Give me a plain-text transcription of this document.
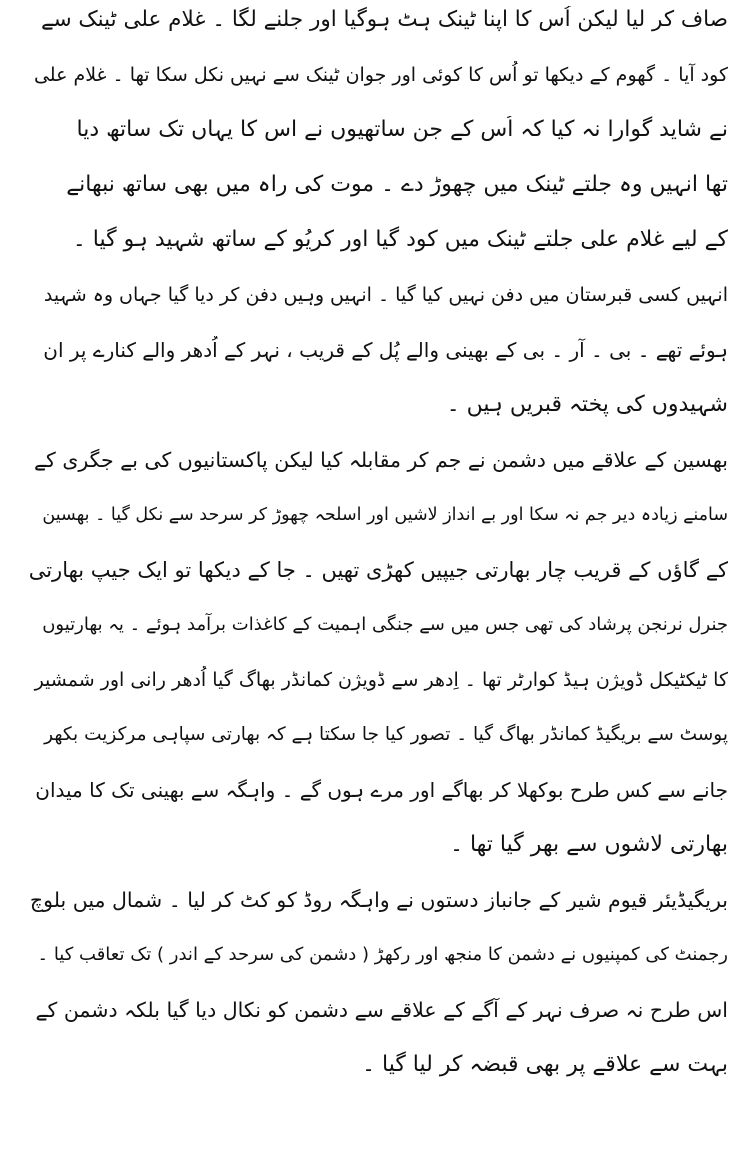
صاف کر لیا لیکن اُس کا اپنا ٹینک ہٹ ہوگیا اور جلنے لگا ۔ غلام علی ٹینک سے
کود آیا ۔ گھوم کے دیکھا تو اُس کا کوئی اور جوان ٹینک سے نہیں نکل سکا تھا ۔ غلام علی
نے شاید گوارا نہ کیا کہ اُس کے جن ساتھیوں نے اس کا یہاں تک ساتھ دیا
تھا انہیں وہ جلتے ٹینک میں چھوڑ دے ۔ موت کی راہ میں بھی ساتھ نبھانے
کے لیے غلام علی جلتے ٹینک میں کود گیا اور کریُو کے ساتھ شہید ہو گیا ۔
انہیں کسی قبرستان میں دفن نہیں کیا گیا ۔ انہیں وہیں دفن کر دیا گیا جہاں وہ شہید
ہوئے تھے ۔ بی ۔ آر ۔ بی کے بھینی والے پُل کے قریب ، نہر کے اُدھر والے کنارے پر ان
شہیدوں کی پختہ قبریں ہیں ۔
بھسین کے علاقے میں دشمن نے جم کر مقابلہ کیا لیکن پاکستانیوں کی بے جگری کے
سامنے زیادہ دیر جم نہ سکا اور بے انداز لاشیں اور اسلحہ چھوڑ کر سرحد سے نکل گیا ۔ بھسین
کے گاؤں کے قریب چار بھارتی جیپیں کھڑی تھیں ۔ جا کے دیکھا تو ایک جیپ بھارتی
جنرل نرنجن پرشاد کی تھی جس میں سے جنگی اہمیت کے کاغذات برآمد ہوئے ۔ یہ بھارتیوں
کا ٹیکٹیکل ڈویژن ہیڈ کوارٹر تھا ۔ اِدھر سے ڈویژن کمانڈر بھاگ گیا اُدھر رانی اور شمشیر
پوسٹ سے بریگیڈ کمانڈر بھاگ گیا ۔ تصور کیا جا سکتا ہے کہ بھارتی سپاہی مرکزیت بکھر
جانے سے کس طرح بوکھلا کر بھاگے اور مرے ہوں گے ۔ واہگہ سے بھینی تک کا میدان
بھارتی لاشوں سے بھر گیا تھا ۔
بریگیڈیئر قیوم شیر کے جانباز دستوں نے واہگہ روڈ کو کٹ کر لیا ۔ شمال میں بلوچ
رجمنٹ کی کمپنیوں نے دشمن کا منجھ اور رکھڑ ( دشمن کی سرحد کے اندر ) تک تعاقب کیا ۔
اس طرح نہ صرف نہر کے آگے کے علاقے سے دشمن کو نکال دیا گیا بلکہ دشمن کے
بہت سے علاقے پر بھی قبضہ کر لیا گیا ۔
